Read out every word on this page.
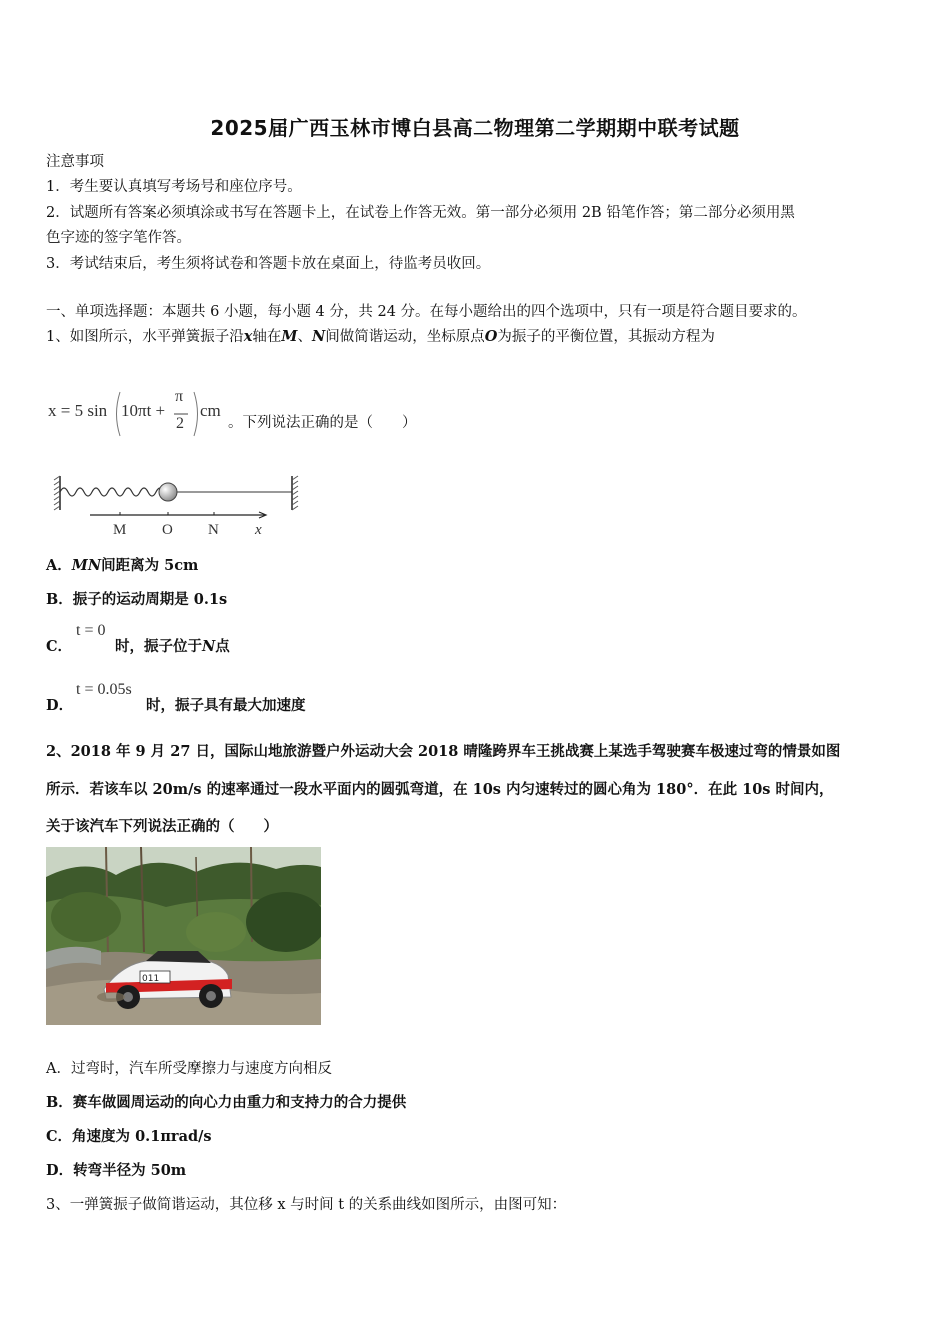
2025届广西玉林市博白县高二物理第二学期期中联考试题
注意事项
1．考生要认真填写考场号和座位序号。
2．试题所有答案必须填涂或书写在答题卡上，在试卷上作答无效。第一部分必须用 2B 铅笔作答；第二部分必须用黑
色字迹的签字笔作答。
3．考试结束后，考生须将试卷和答题卡放在桌面上，待监考员收回。
一、单项选择题：本题共 6 小题，每小题 4 分，共 24 分。在每小题给出的四个选项中，只有一项是符合题目要求的。
1、如图所示，水平弹簧振子沿x轴在M、N间做简谐运动，坐标原点O为振子的平衡位置，其振动方程为
x = 5 sin 10πt +
π
2
cm
。下列说法正确的是（　　）
M O N x
A．MN间距离为 5cm
B．振子的运动周期是 0.1s
C．
t = 0
时，振子位于N点
D．
t = 0.05s
时，振子具有最大加速度
2、2018 年 9 月 27 日，国际山地旅游暨户外运动大会 2018 晴隆跨界车王挑战赛上某选手驾驶赛车极速过弯的情景如图
所示．若该车以 20m/s 的速率通过一段水平面内的圆弧弯道，在 10s 内匀速转过的圆心角为 180°．在此 10s 时间内，
关于该汽车下列说法正确的（　　）
011
A．过弯时，汽车所受摩擦力与速度方向相反
B．赛车做圆周运动的向心力由重力和支持力的合力提供
C．角速度为 0.1πrad/s
D．转弯半径为 50m
3、一弹簧振子做简谐运动，其位移 x 与时间 t 的关系曲线如图所示，由图可知：
